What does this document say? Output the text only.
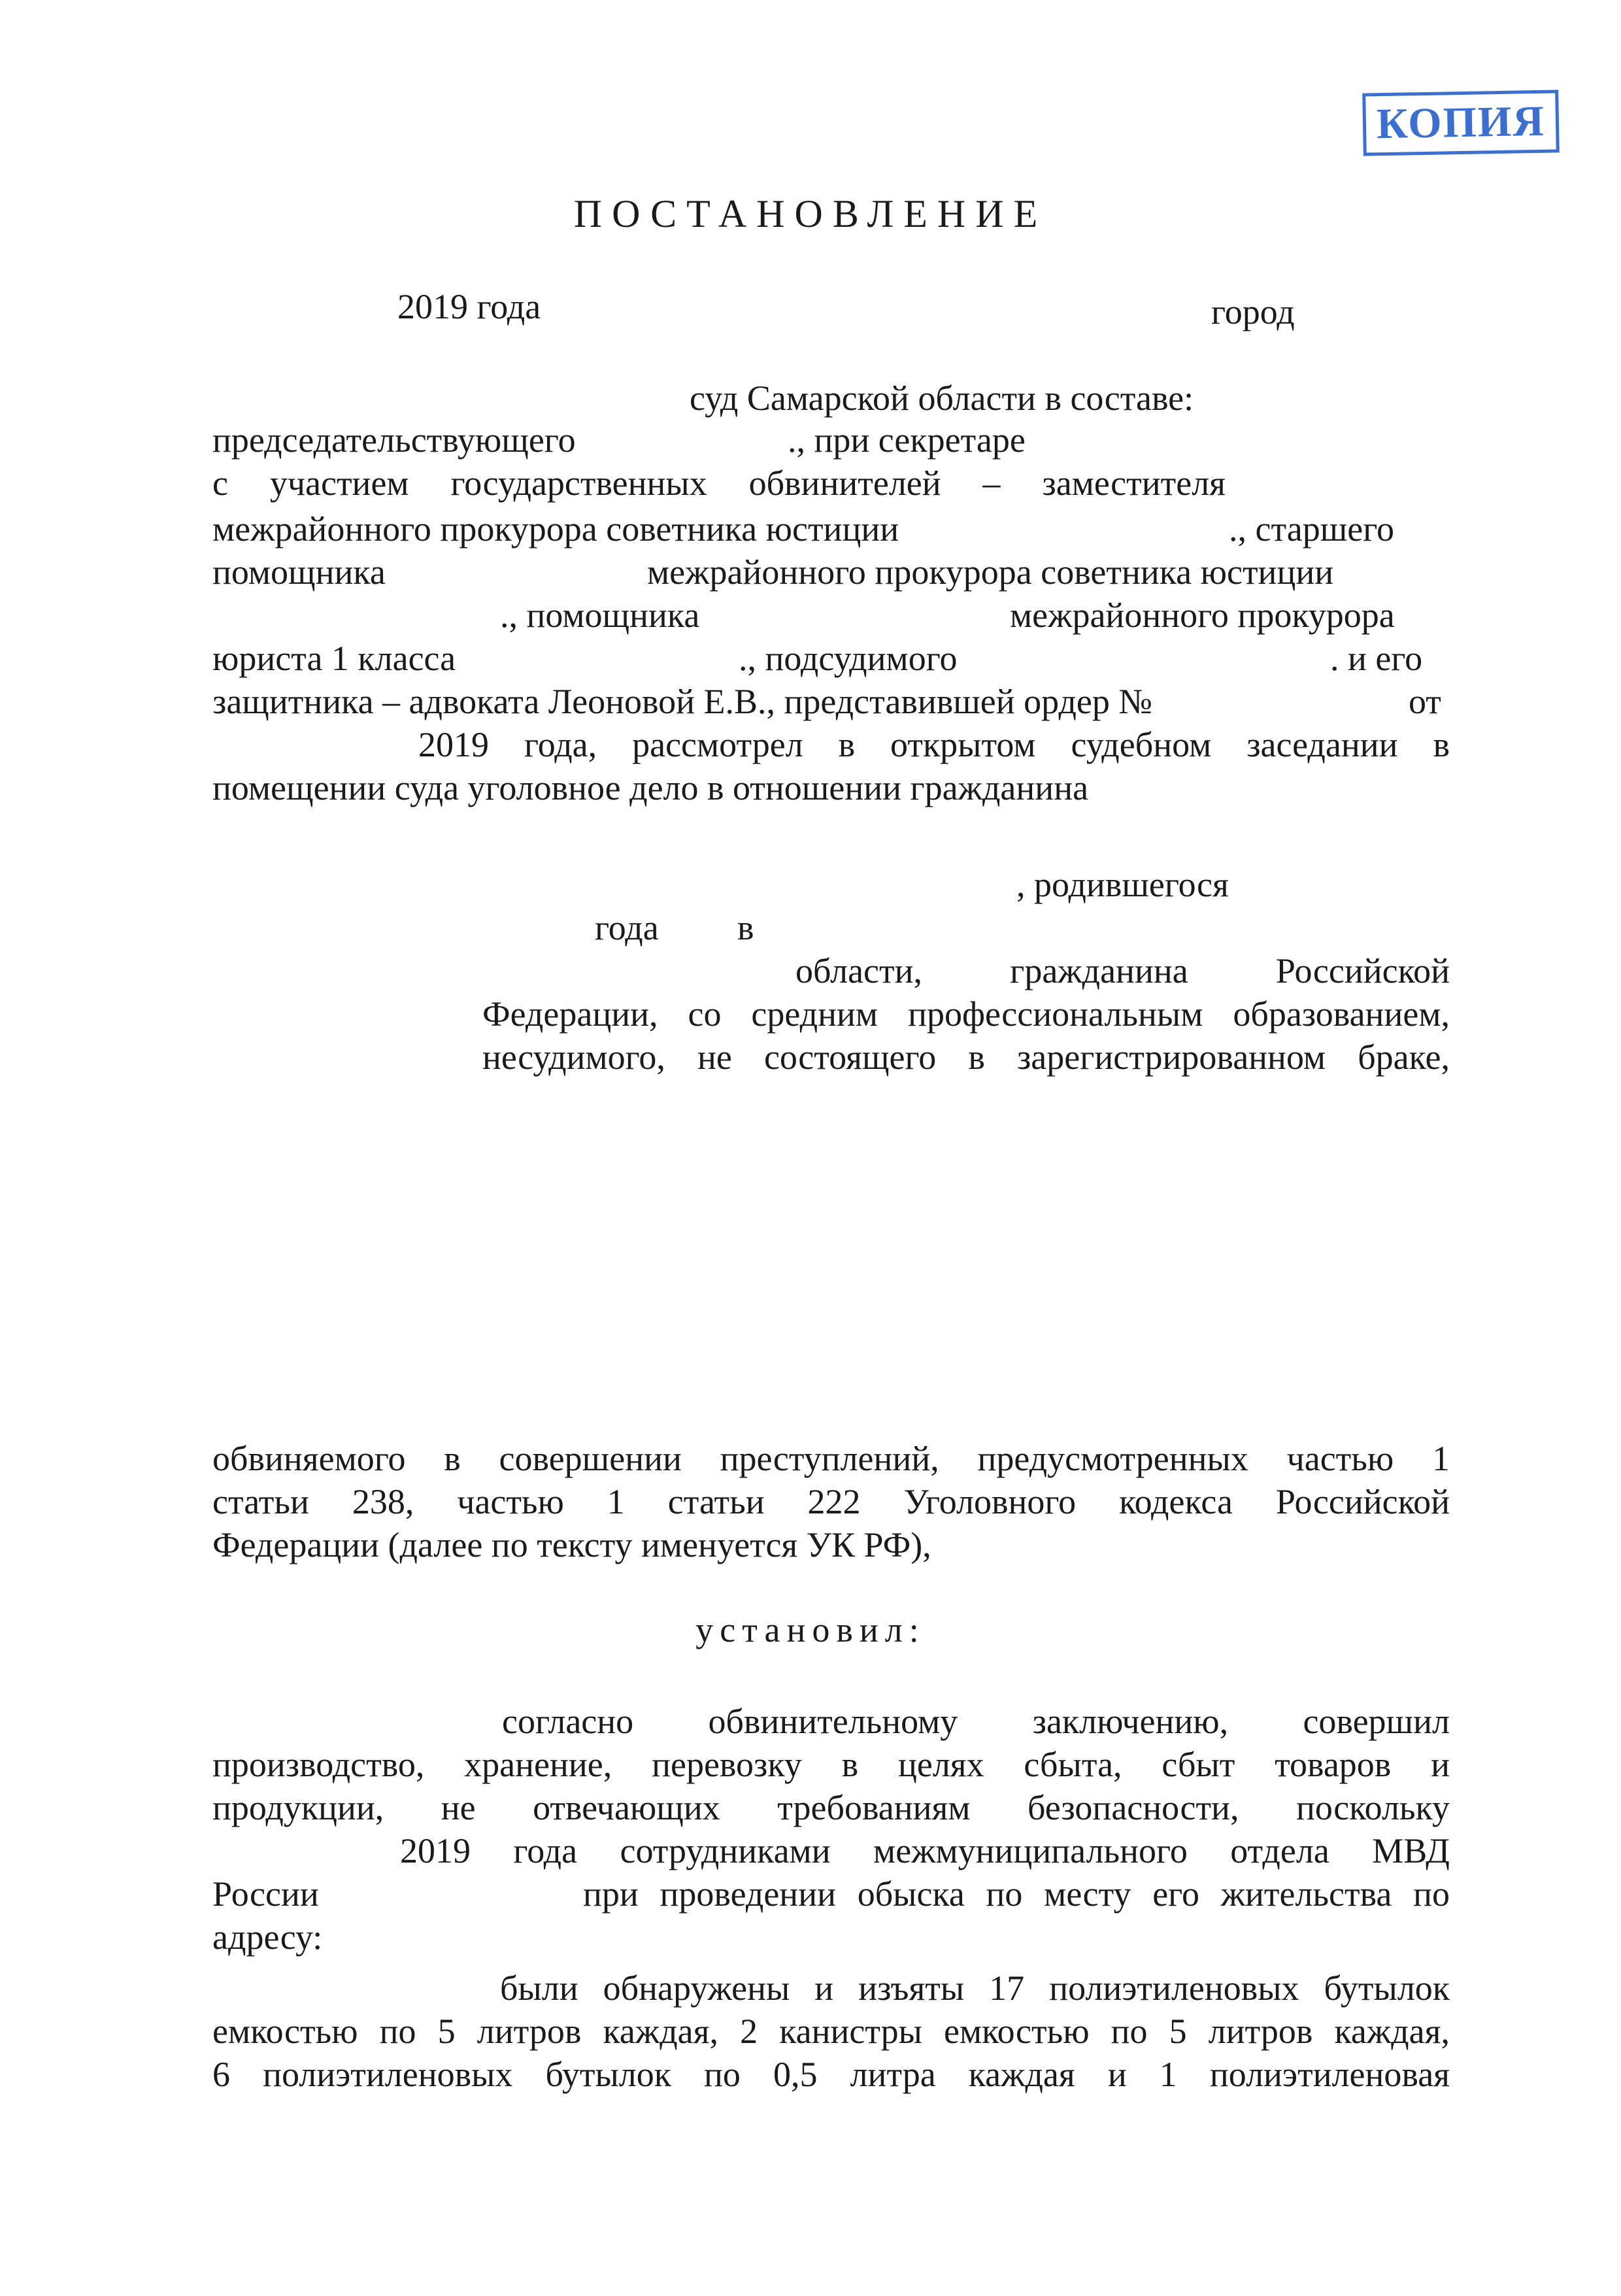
КОПИЯ
ПОСТАНОВЛЕНИЕ
2019 года	город
суд Самарской области в составе:
председательствующего	., при секретаре
с участием государственных обвинителей – заместителя
межрайонного прокурора советника юстиции	., старшего
помощника	межрайонного прокурора советника юстиции
., помощника	межрайонного прокурора
юриста 1 класса	., подсудимого	. и его
защитника – адвоката Леоновой Е.В., представившей ордер №	от
2019 года, рассмотрел в открытом судебном заседании в
помещении суда уголовное дело в отношении гражданина
, родившегося
года в
области, гражданина Российской
Федерации, со средним профессиональным образованием,
несудимого, не состоящего в зарегистрированном браке,
обвиняемого в совершении преступлений, предусмотренных частью 1
статьи 238, частью 1 статьи 222 Уголовного кодекса Российской
Федерации (далее по тексту именуется УК РФ),
установил:
согласно обвинительному заключению, совершил
производство, хранение, перевозку в целях сбыта, сбыт товаров и
продукции, не отвечающих требованиям безопасности, поскольку
2019 года сотрудниками межмуниципального отдела МВД
России	при проведении обыска по месту его жительства по
адресу:
были обнаружены и изъяты 17 полиэтиленовых бутылок
емкостью по 5 литров каждая, 2 канистры емкостью по 5 литров каждая,
6 полиэтиленовых бутылок по 0,5 литра каждая и 1 полиэтиленовая
